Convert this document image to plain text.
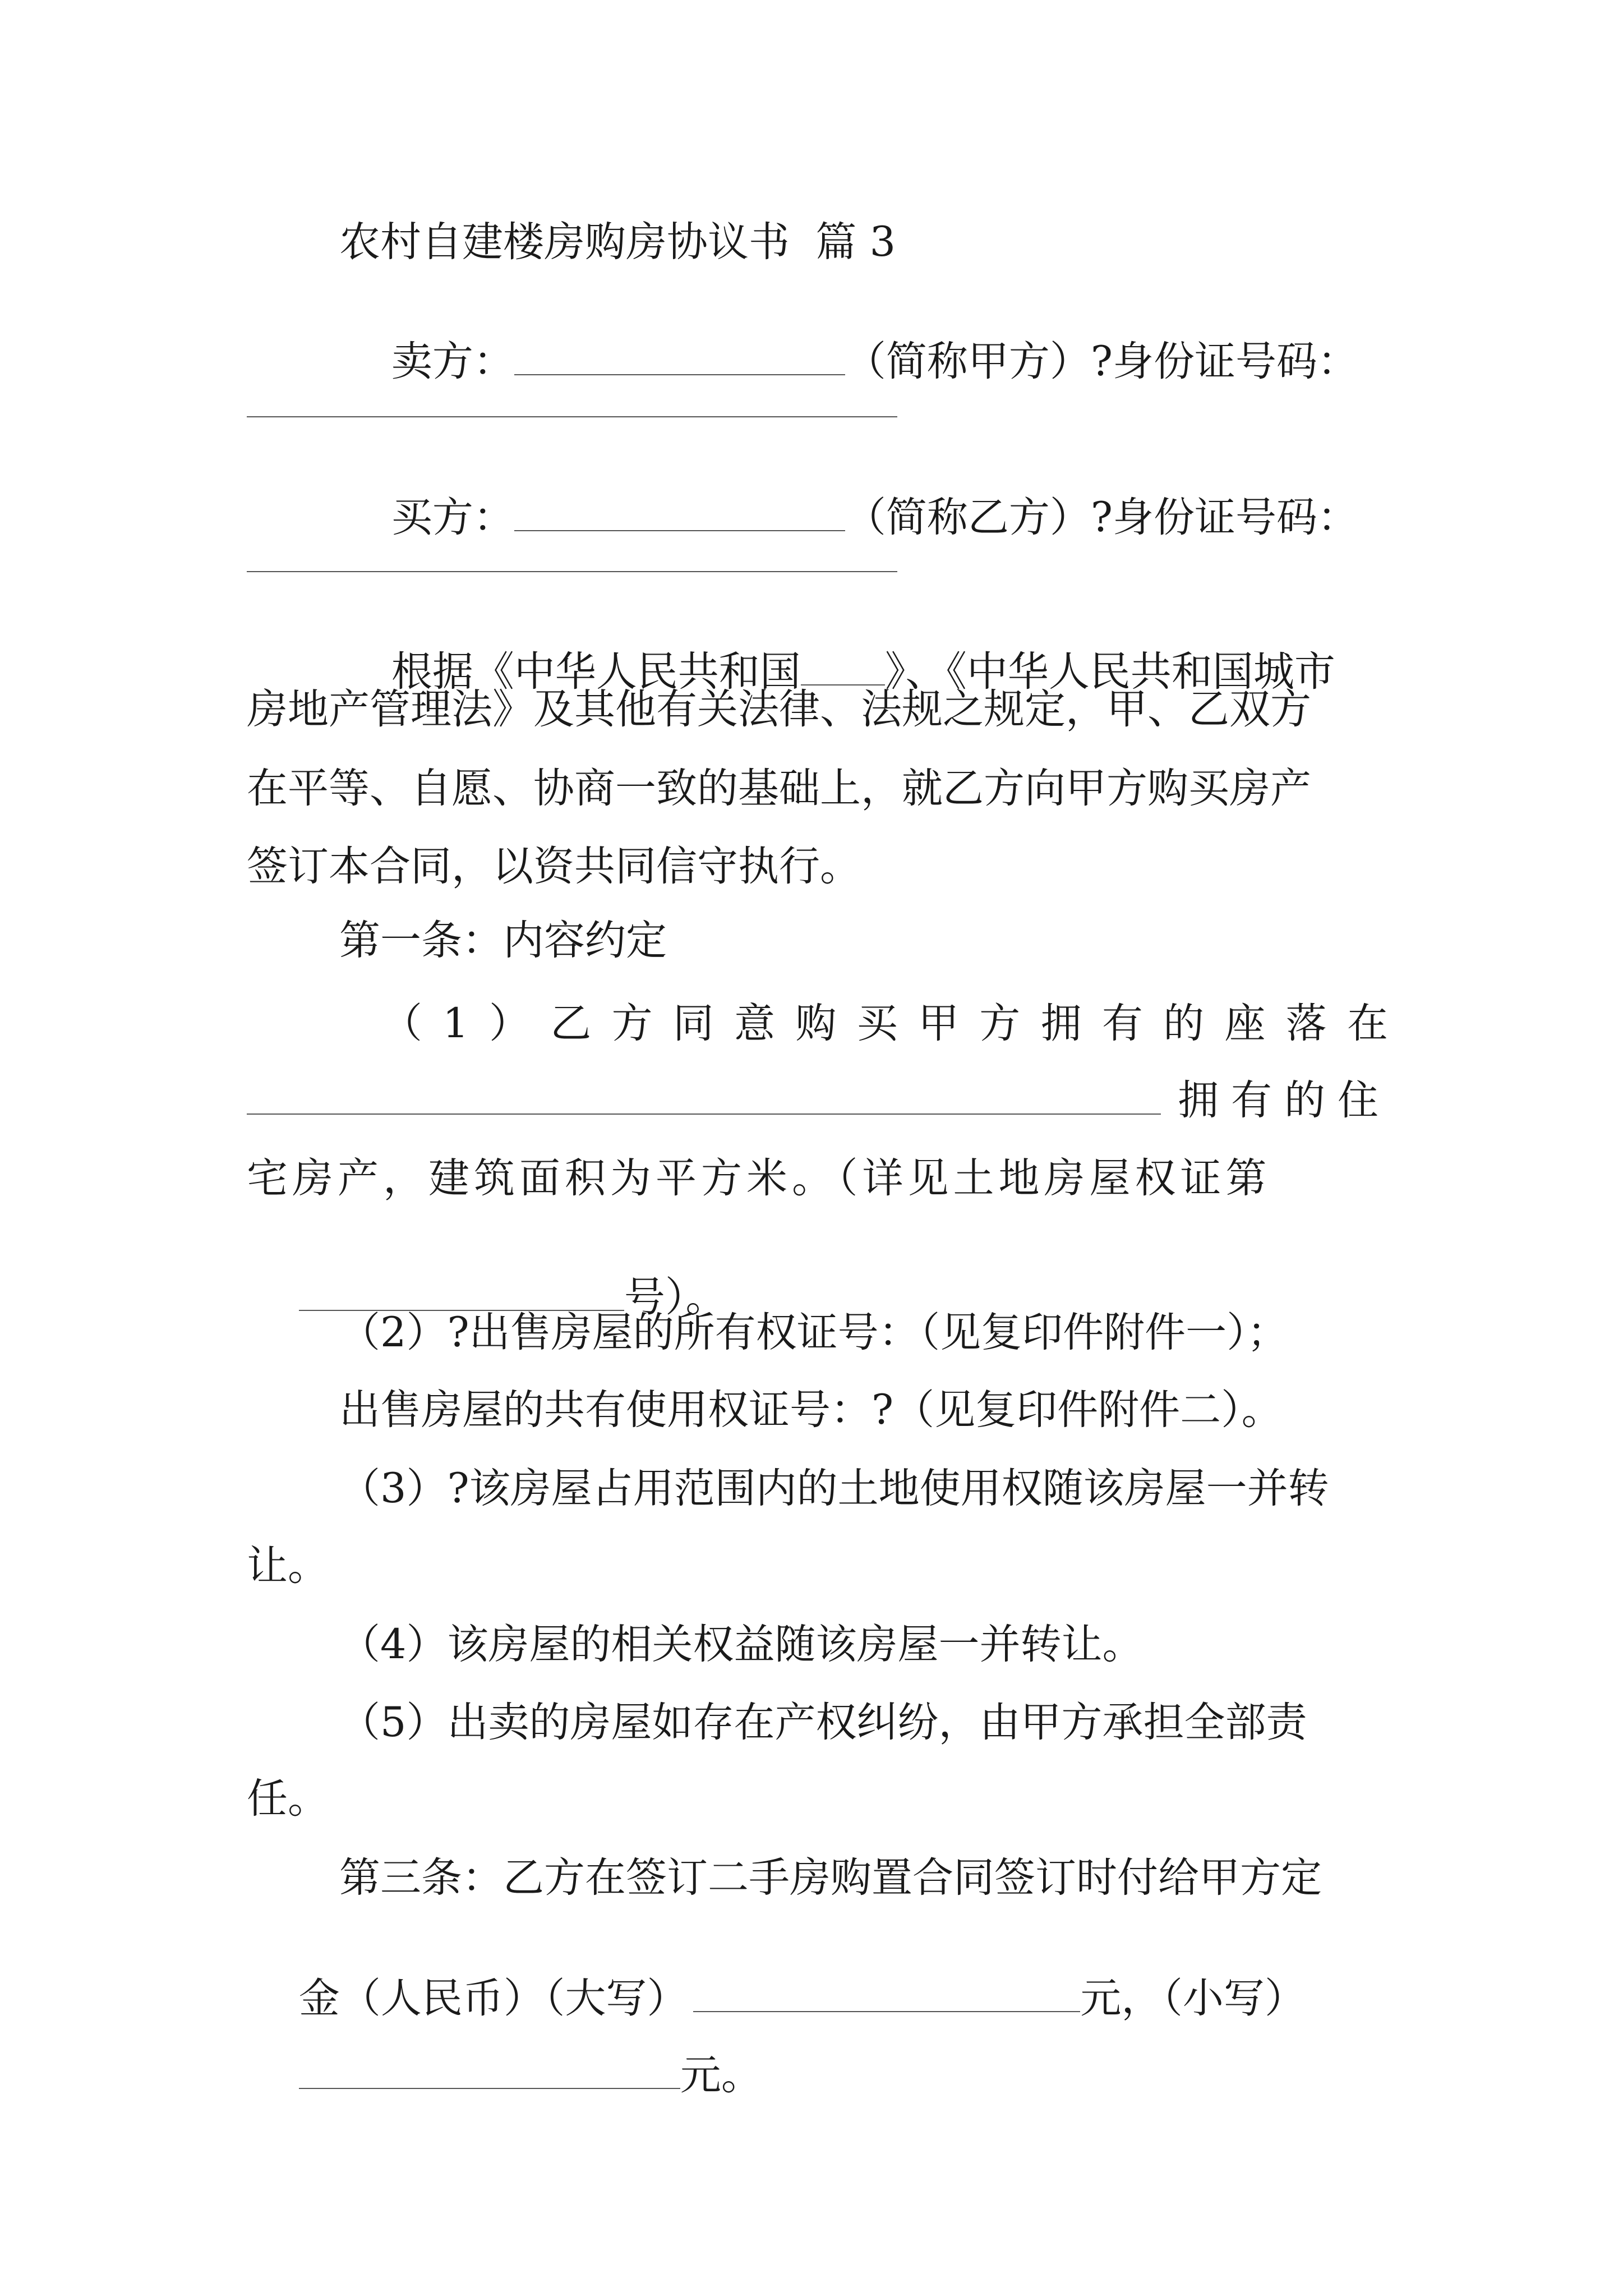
农村自建楼房购房协议书  篇 3

卖方：	（简称甲方）?身份证号码：

买方：	（简称乙方）?身份证号码：

根据《中华人民共和国 》、《中华人民共和国城市

房地产管理法》及其他有关法律、法规之规定，甲、乙双方
在平等、自愿、协商一致的基础上，就乙方向甲方购买房产
签订本合同，以资共同信守执行。
第一条：内容约定
（ 1 ） 乙 方 同 意 购 买 甲 方 拥 有 的 座 落 在
拥有的住
宅房产，建筑面积为平方米。（详见土地房屋权证第

号）。

（2）?出售房屋的所有权证号：（见复印件附件一）；
出售房屋的共有使用权证号：?（见复印件附件二）。
（3）?该房屋占用范围内的土地使用权随该房屋一并转
让。
（4）该房屋的相关权益随该房屋一并转让。
（5）出卖的房屋如存在产权纠纷，由甲方承担全部责
任。
第三条：乙方在签订二手房购置合同签订时付给甲方定

金（人民币）（大写）	元，（小写）

元。
